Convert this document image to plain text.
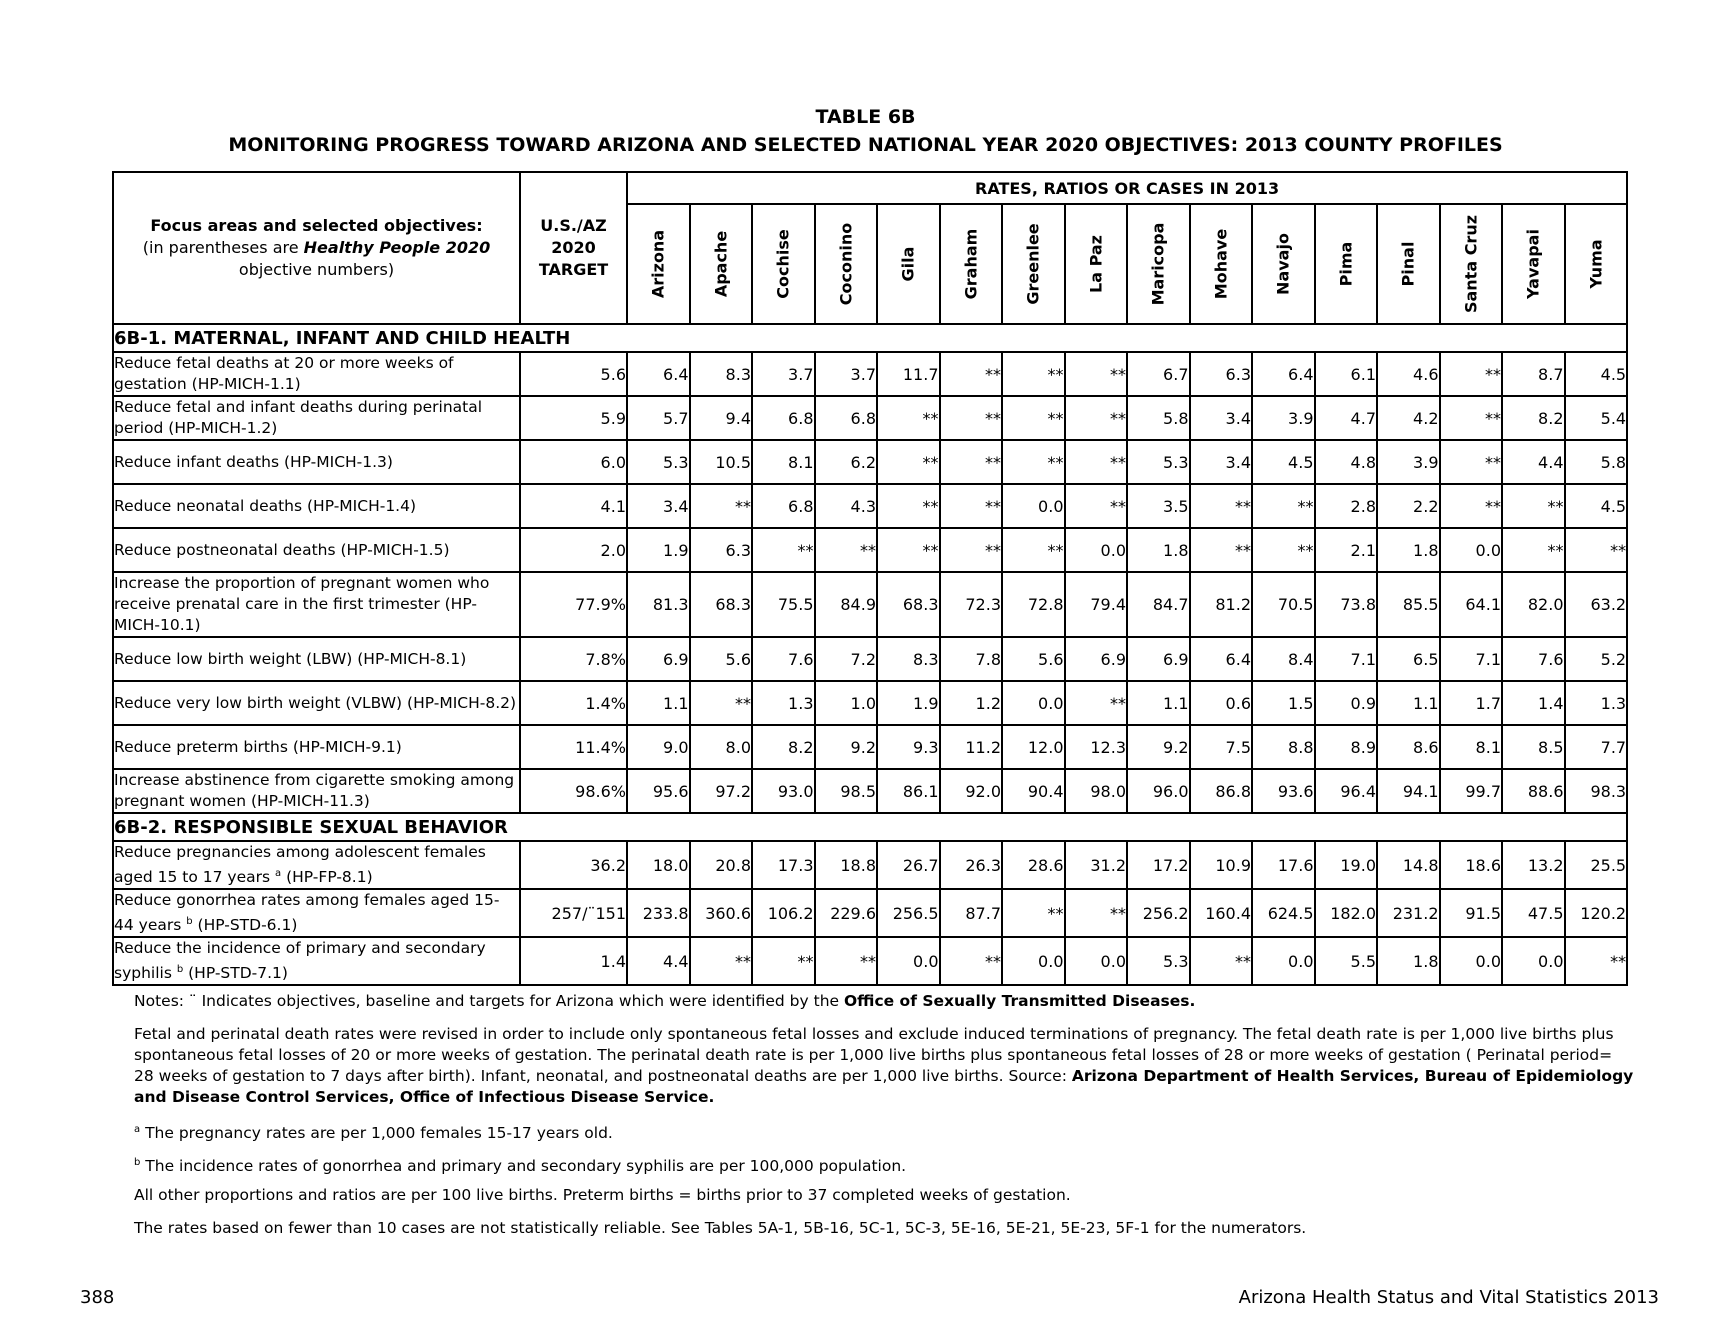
TABLE 6B
MONITORING PROGRESS TOWARD ARIZONA AND SELECTED NATIONAL YEAR 2020 OBJECTIVES: 2013 COUNTY PROFILES
Focus areas and selected objectives:
(in parentheses are Healthy People 2020
objective numbers)	U.S./AZ
2020
TARGET	RATES, RATIOS OR CASES IN 2013															

		Arizona	Apache	Cochise	Coconino	Gila	Graham	Greenlee	La Paz	Maricopa	Mohave	Navajo	Pima	Pinal	Santa Cruz	Yavapai	Yuma

6B-1. MATERNAL, INFANT AND CHILD HEALTH																	
Reduce fetal deaths at 20 or more weeks of gestation (HP-MICH-1.1)	5.6	6.4	8.3	3.7	3.7	11.7	**	**	**	6.7	6.3	6.4	6.1	4.6	**	8.7	4.5
Reduce fetal and infant deaths during perinatal period (HP-MICH-1.2)	5.9	5.7	9.4	6.8	6.8	**	**	**	**	5.8	3.4	3.9	4.7	4.2	**	8.2	5.4
Reduce infant deaths (HP-MICH-1.3)	6.0	5.3	10.5	8.1	6.2	**	**	**	**	5.3	3.4	4.5	4.8	3.9	**	4.4	5.8
Reduce neonatal deaths (HP-MICH-1.4)	4.1	3.4	**	6.8	4.3	**	**	0.0	**	3.5	**	**	2.8	2.2	**	**	4.5
Reduce postneonatal deaths (HP-MICH-1.5)	2.0	1.9	6.3	**	**	**	**	**	0.0	1.8	**	**	2.1	1.8	0.0	**	**
Increase the proportion of pregnant women who receive prenatal care in the first trimester (HP-MICH-10.1)	77.9%	81.3	68.3	75.5	84.9	68.3	72.3	72.8	79.4	84.7	81.2	70.5	73.8	85.5	64.1	82.0	63.2
Reduce low birth weight (LBW) (HP-MICH-8.1)	7.8%	6.9	5.6	7.6	7.2	8.3	7.8	5.6	6.9	6.9	6.4	8.4	7.1	6.5	7.1	7.6	5.2
Reduce very low birth weight (VLBW) (HP-MICH-8.2)	1.4%	1.1	**	1.3	1.0	1.9	1.2	0.0	**	1.1	0.6	1.5	0.9	1.1	1.7	1.4	1.3
Reduce preterm births (HP-MICH-9.1)	11.4%	9.0	8.0	8.2	9.2	9.3	11.2	12.0	12.3	9.2	7.5	8.8	8.9	8.6	8.1	8.5	7.7
Increase abstinence from cigarette smoking among pregnant women (HP-MICH-11.3)	98.6%	95.6	97.2	93.0	98.5	86.1	92.0	90.4	98.0	96.0	86.8	93.6	96.4	94.1	99.7	88.6	98.3
6B-2. RESPONSIBLE SEXUAL BEHAVIOR																	
Reduce pregnancies among adolescent females aged 15 to 17 years $^a$ (HP-FP-8.1)	36.2	18.0	20.8	17.3	18.8	26.7	26.3	28.6	31.2	17.2	10.9	17.6	19.0	14.8	18.6	13.2	25.5
Reduce gonorrhea rates among females aged 15-44 years $^b$ (HP-STD-6.1)	257/¨151	233.8	360.6	106.2	229.6	256.5	87.7	**	**	256.2	160.4	624.5	182.0	231.2	91.5	47.5	120.2
Reduce the incidence of primary and secondary syphilis $^b$ (HP-STD-7.1)	1.4	4.4	**	**	**	0.0	**	0.0	0.0	5.3	**	0.0	5.5	1.8	0.0	0.0	**
Notes: ¨ Indicates objectives, baseline and targets for Arizona which were identified by the Office of Sexually Transmitted Diseases.
Fetal and perinatal death rates were revised in order to include only spontaneous fetal losses and exclude induced terminations of pregnancy. The fetal death rate is per 1,000 live births plus spontaneous fetal losses of 20 or more weeks of gestation. The perinatal death rate is per 1,000 live births plus spontaneous fetal losses of 28 or more weeks of gestation ( Perinatal period= 28 weeks of gestation to 7 days after birth). Infant, neonatal, and postneonatal deaths are per 1,000 live births. Source: Arizona Department of Health Services, Bureau of Epidemiology and Disease Control Services, Office of Infectious Disease Service.
$^a$ The pregnancy rates are per 1,000 females 15-17 years old.
$^b$ The incidence rates of gonorrhea and primary and secondary syphilis are per 100,000 population.
All other proportions and ratios are per 100 live births. Preterm births = births prior to 37 completed weeks of gestation.
The rates based on fewer than 10 cases are not statistically reliable. See Tables 5A-1, 5B-16, 5C-1, 5C-3, 5E-16, 5E-21, 5E-23, 5F-1 for the numerators.
388	Arizona Health Status and Vital Statistics 2013
